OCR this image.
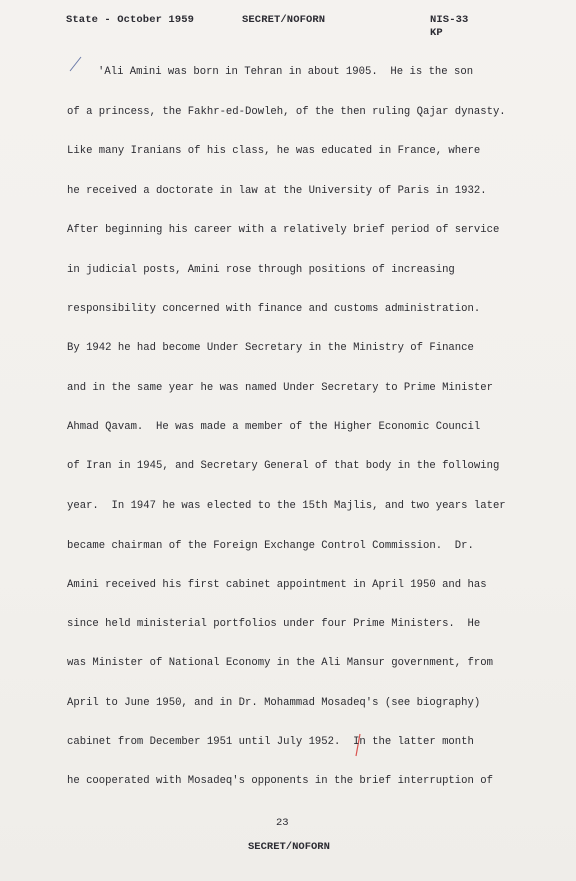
State - October 1959	SECRET/NOFORN	NIS-33
KP
'Ali Amini was born in Tehran in about 1905.  He is the son
of a princess, the Fakhr-ed-Dowleh, of the then ruling Qajar dynasty.
Like many Iranians of his class, he was educated in France, where
he received a doctorate in law at the University of Paris in 1932.
After beginning his career with a relatively brief period of service
in judicial posts, Amini rose through positions of increasing
responsibility concerned with finance and customs administration.
By 1942 he had become Under Secretary in the Ministry of Finance
and in the same year he was named Under Secretary to Prime Minister
Ahmad Qavam.  He was made a member of the Higher Economic Council
of Iran in 1945, and Secretary General of that body in the following
year.  In 1947 he was elected to the 15th Majlis, and two years later
became chairman of the Foreign Exchange Control Commission.  Dr.
Amini received his first cabinet appointment in April 1950 and has
since held ministerial portfolios under four Prime Ministers.  He
was Minister of National Economy in the Ali Mansur government, from
April to June 1950, and in Dr. Mohammad Mosadeq's (see biography)
cabinet from December 1951 until July 1952.  In the latter month
he cooperated with Mosadeq's opponents in the brief interruption of
23
SECRET/NOFORN
